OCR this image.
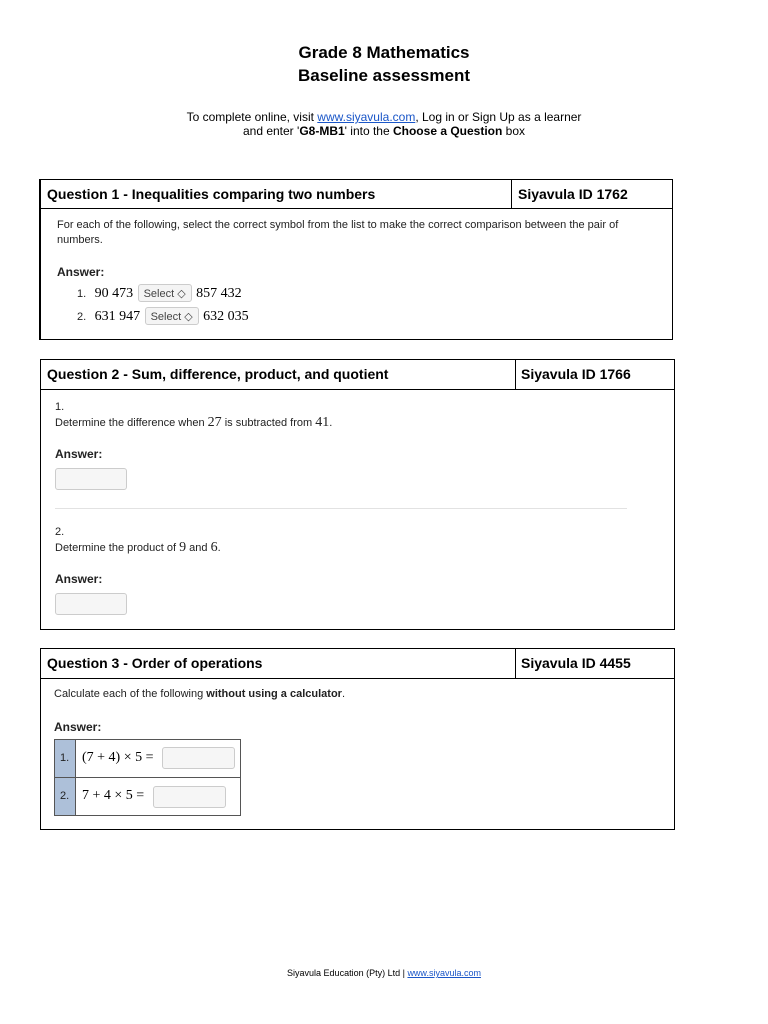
Grade 8 Mathematics
Baseline assessment
To complete online, visit www.siyavula.com, Log in or Sign Up as a learner
and enter 'G8-MB1' into the Choose a Question box
Question 1 - Inequalities comparing two numbers	Siyavula ID 1762
For each of the following, select the correct symbol from the list to make the correct comparison between the pair of numbers.
Answer:
1. 90 473 Select ◇ 857 432
2. 631 947 Select ◇ 632 035
Question 2 - Sum, difference, product, and quotient	Siyavula ID 1766
1.
Determine the difference when 27 is subtracted from 41.
Answer:
2.
Determine the product of 9 and 6.
Answer:
Question 3 - Order of operations	Siyavula ID 4455
Calculate each of the following without using a calculator.
Answer:
1. (7 + 4) × 5 =
2. 7 + 4 × 5 =
Siyavula Education (Pty) Ltd | www.siyavula.com
